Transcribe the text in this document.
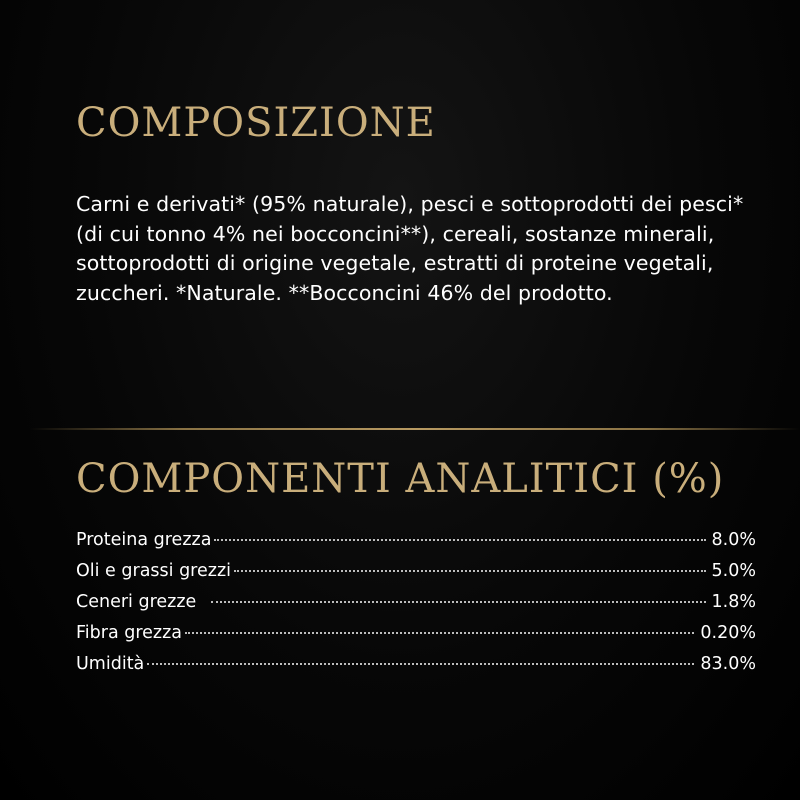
COMPOSIZIONE

Carni e derivati* (95% naturale), pesci e sottoprodotti dei pesci* (di cui tonno 4% nei bocconcini**), cereali, sostanze minerali, sottoprodotti di origine vegetale, estratti di proteine vegetali, zuccheri. *Naturale. **Bocconcini 46% del prodotto.

COMPONENTI ANALITICI (%)
Proteina grezza	8.0%
Oli e grassi grezzi	5.0%
Ceneri grezze	1.8%
Fibra grezza	0.20%
Umidità	83.0%
